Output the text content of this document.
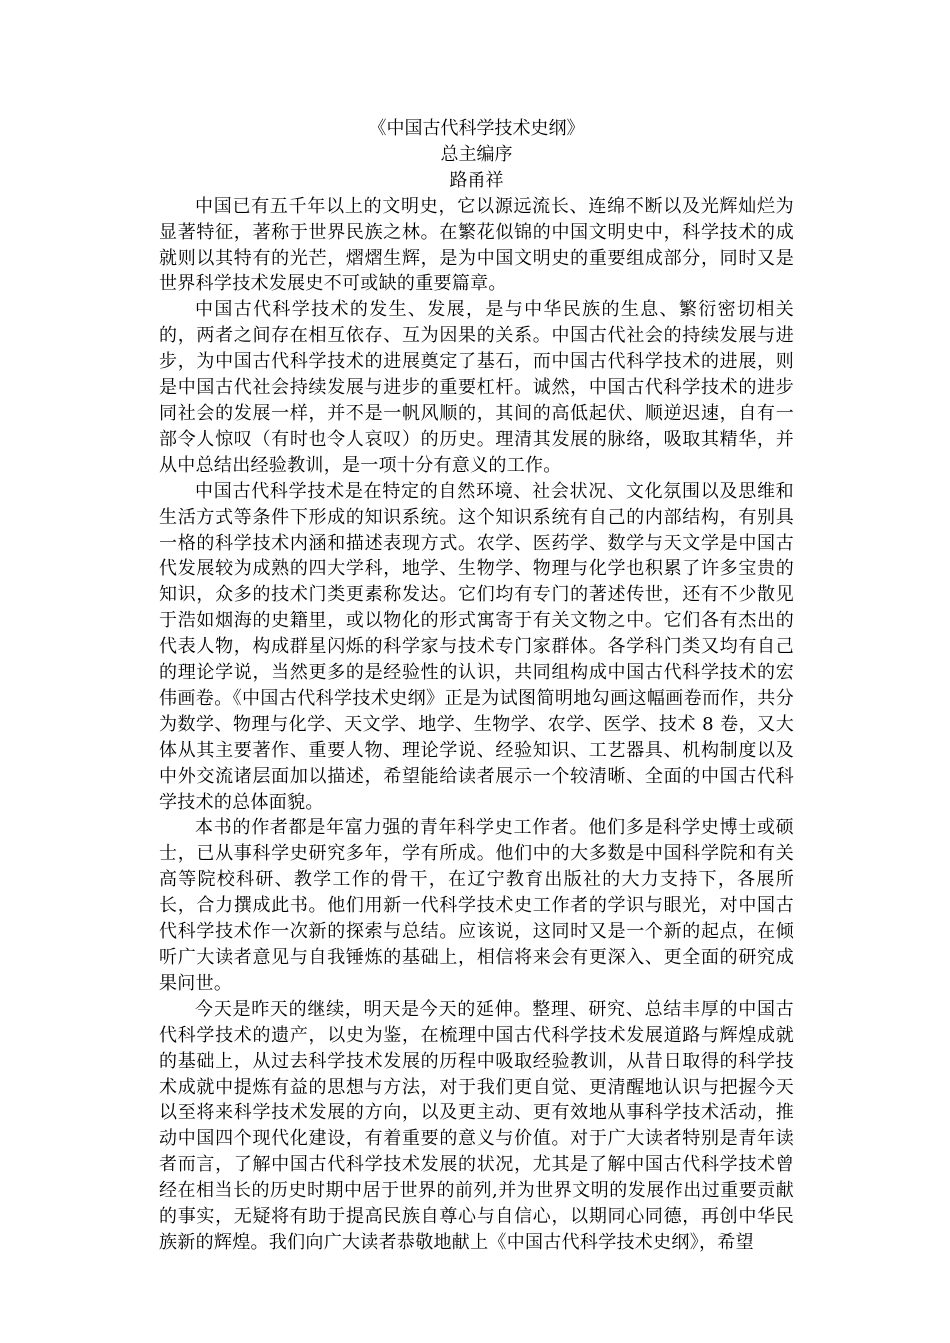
《中国古代科学技术史纲》

总主编序

路甬祥

中国已有五千年以上的文明史，它以源远流长、连绵不断以及光辉灿烂为显著特征，著称于世界民族之林。在繁花似锦的中国文明史中，科学技术的成就则以其特有的光芒，熠熠生辉，是为中国文明史的重要组成部分，同时又是世界科学技术发展史不可或缺的重要篇章。

中国古代科学技术的发生、发展，是与中华民族的生息、繁衍密切相关的，两者之间存在相互依存、互为因果的关系。中国古代社会的持续发展与进步，为中国古代科学技术的进展奠定了基石，而中国古代科学技术的进展，则是中国古代社会持续发展与进步的重要杠杆。诚然，中国古代科学技术的进步同社会的发展一样，并不是一帆风顺的，其间的高低起伏、顺逆迟速，自有一部令人惊叹（有时也令人哀叹）的历史。理清其发展的脉络，吸取其精华，并从中总结出经验教训，是一项十分有意义的工作。

中国古代科学技术是在特定的自然环境、社会状况、文化氛围以及思维和生活方式等条件下形成的知识系统。这个知识系统有自己的内部结构，有别具一格的科学技术内涵和描述表现方式。农学、医药学、数学与天文学是中国古代发展较为成熟的四大学科，地学、生物学、物理与化学也积累了许多宝贵的知识，众多的技术门类更素称发达。它们均有专门的著述传世，还有不少散见于浩如烟海的史籍里，或以物化的形式寓寄于有关文物之中。它们各有杰出的代表人物，构成群星闪烁的科学家与技术专门家群体。各学科门类又均有自己的理论学说，当然更多的是经验性的认识，共同组构成中国古代科学技术的宏伟画卷。《中国古代科学技术史纲》正是为试图简明地勾画这幅画卷而作，共分为数学、物理与化学、天文学、地学、生物学、农学、医学、技术 8 卷，又大体从其主要著作、重要人物、理论学说、经验知识、工艺器具、机构制度以及中外交流诸层面加以描述，希望能给读者展示一个较清晰、全面的中国古代科学技术的总体面貌。

本书的作者都是年富力强的青年科学史工作者。他们多是科学史博士或硕士，已从事科学史研究多年，学有所成。他们中的大多数是中国科学院和有关高等院校科研、教学工作的骨干，在辽宁教育出版社的大力支持下，各展所长，合力撰成此书。他们用新一代科学技术史工作者的学识与眼光，对中国古代科学技术作一次新的探索与总结。应该说，这同时又是一个新的起点，在倾听广大读者意见与自我锤炼的基础上，相信将来会有更深入、更全面的研究成果问世。

今天是昨天的继续，明天是今天的延伸。整理、研究、总结丰厚的中国古代科学技术的遗产，以史为鉴，在梳理中国古代科学技术发展道路与辉煌成就的基础上，从过去科学技术发展的历程中吸取经验教训，从昔日取得的科学技术成就中提炼有益的思想与方法，对于我们更自觉、更清醒地认识与把握今天以至将来科学技术发展的方向，以及更主动、更有效地从事科学技术活动，推动中国四个现代化建设，有着重要的意义与价值。对于广大读者特别是青年读者而言，了解中国古代科学技术发展的状况，尤其是了解中国古代科学技术曾经在相当长的历史时期中居于世界的前列,并为世界文明的发展作出过重要贡献的事实，无疑将有助于提高民族自尊心与自信心，以期同心同德，再创中华民族新的辉煌。我们向广大读者恭敬地献上《中国古代科学技术史纲》，希望
